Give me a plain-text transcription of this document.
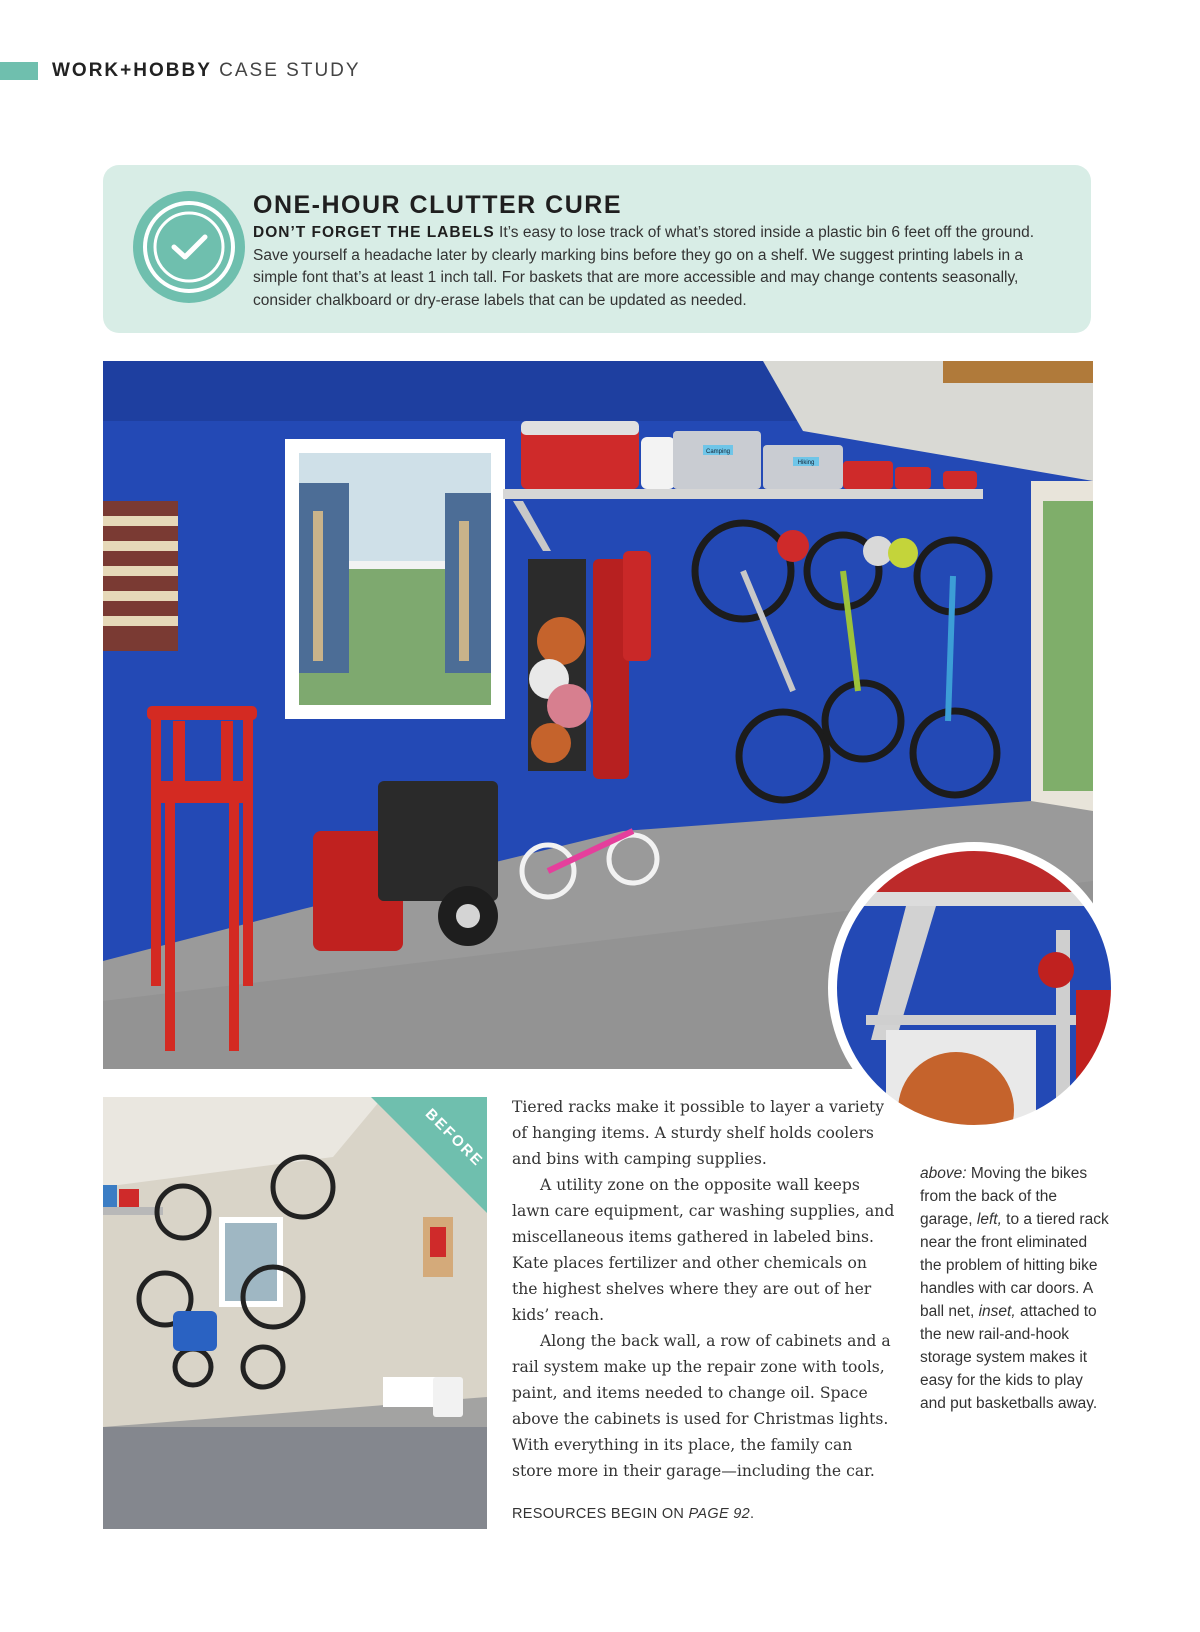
WORK+HOBBY CASE STUDY
ONE-HOUR CLUTTER CURE
DON’T FORGET THE LABELS It’s easy to lose track of what’s stored inside a plastic bin 6 feet off the ground. Save yourself a headache later by clearly marking bins before they go on a shelf. We suggest printing labels in a simple font that’s at least 1 inch tall. For baskets that are more accessible and may change contents seasonally, consider chalkboard or dry-erase labels that can be updated as needed.
Camping
Hiking
BEFORE Tiered racks make it possible to layer a variety of hanging items. A sturdy shelf holds coolers and bins with camping supplies.

A utility zone on the opposite wall keeps lawn care equipment, car washing supplies, and miscellaneous items gathered in labeled bins. Kate places fertilizer and other chemicals on the highest shelves where they are out of her kids’ reach.

Along the back wall, a row of cabinets and a rail system make up the repair zone with tools, paint, and items needed to change oil. Space above the cabinets is used for Christmas lights. With everything in its place, the family can store more in their garage—including the car.

RESOURCES BEGIN ON PAGE 92.
above: Moving the bikes from the back of the garage, left, to a tiered rack near the front eliminated the problem of hitting bike handles with car doors. A ball net, inset, attached to the new rail-and-hook storage system makes it easy for the kids to play and put basketballs away.
